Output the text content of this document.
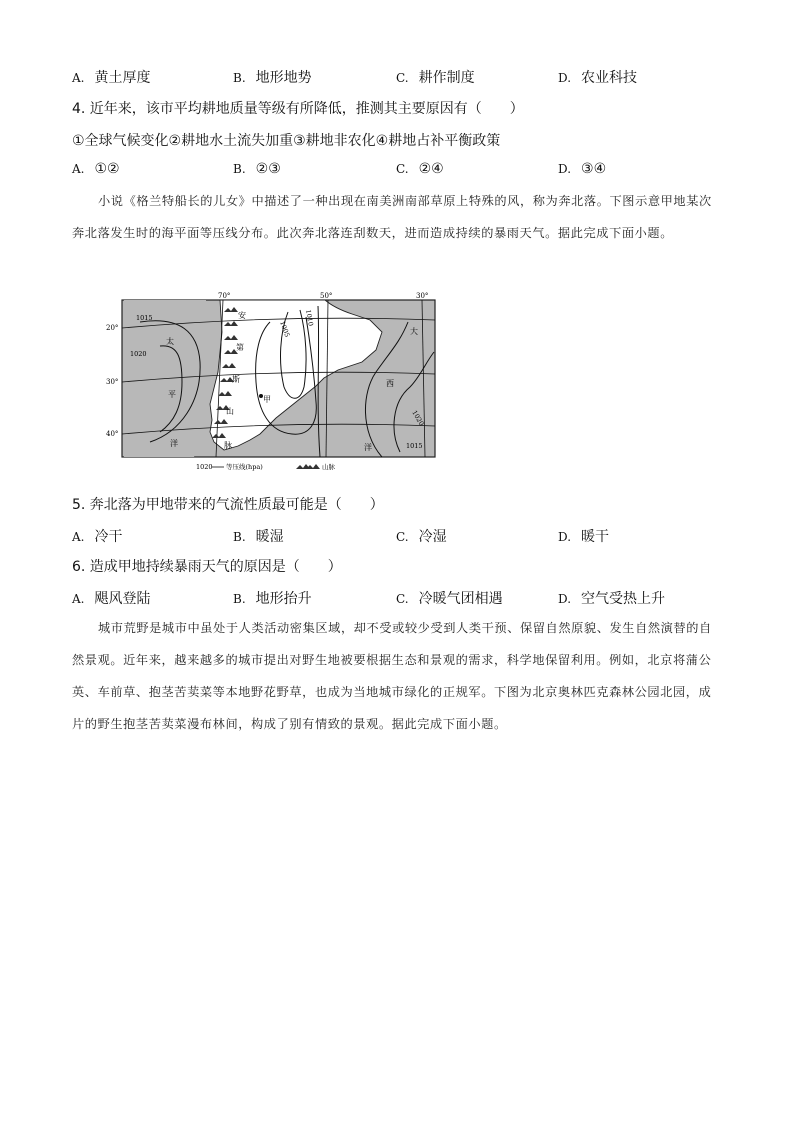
A. 黄土厚度	B. 地形地势	C. 耕作制度	D. 农业科技
4. 近年来，该市平均耕地质量等级有所降低，推测其主要原因有（　　）
①全球气候变化②耕地水土流失加重③耕地非农化④耕地占补平衡政策
A. ①②	B. ②③	C. ②④	D. ③④
小说《格兰特船长的儿女》中描述了一种出现在南美洲南部草原上特殊的风，称为奔北落。下图示意甲地某次奔北落发生时的海平面等压线分布。此次奔北落连刮数天，进而造成持续的暴雨天气。据此完成下面小题。
70°	50°	30°
20°
30°
40°
1015
1020
1005
1010
1020
1015
太
平
洋
大
西
洋
安
第
斯
山
脉
甲
1020 等压线(hpa)	山脉
5. 奔北落为甲地带来的气流性质最可能是（　　）
A. 冷干	B. 暖湿	C. 冷湿	D. 暖干
6. 造成甲地持续暴雨天气的原因是（　　）
A. 飓风登陆	B. 地形抬升	C. 冷暖气团相遇	D. 空气受热上升
城市荒野是城市中虽处于人类活动密集区域，却不受或较少受到人类干预、保留自然原貌、发生自然演替的自然景观。近年来，越来越多的城市提出对野生地被要根据生态和景观的需求，科学地保留利用。例如，北京将蒲公英、车前草、抱茎苦荬菜等本地野花野草，也成为当地城市绿化的正规军。下图为北京奥林匹克森林公园北园，成片的野生抱茎苦荬菜漫布林间，构成了别有情致的景观。据此完成下面小题。
